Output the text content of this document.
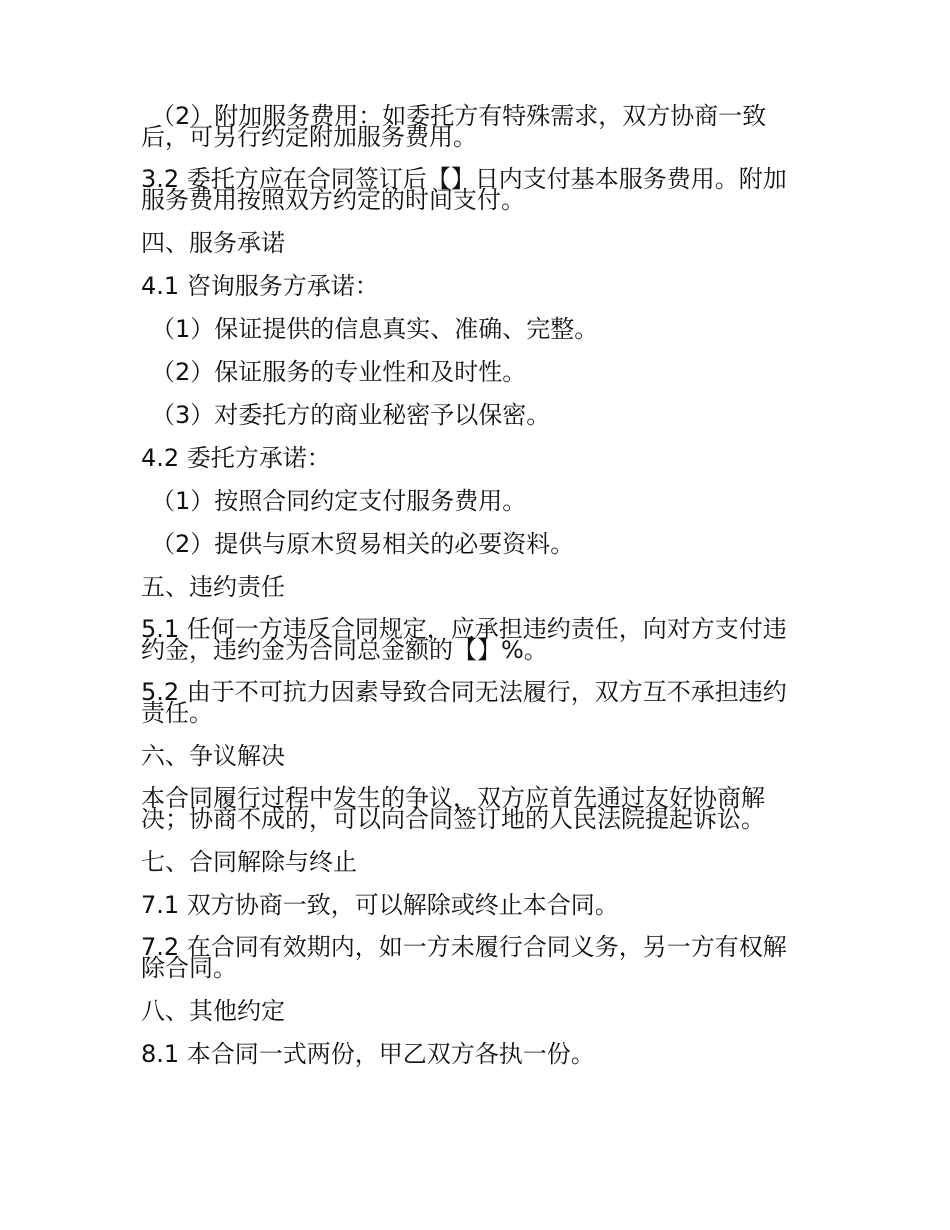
（2）附加服务费用：如委托方有特殊需求，双方协商一致
后，可另行约定附加服务费用。

3.2 委托方应在合同签订后【】日内支付基本服务费用。附加
服务费用按照双方约定的时间支付。

四、服务承诺

4.1 咨询服务方承诺：

（1）保证提供的信息真实、准确、完整。

（2）保证服务的专业性和及时性。

（3）对委托方的商业秘密予以保密。

4.2 委托方承诺：

（1）按照合同约定支付服务费用。

（2）提供与原木贸易相关的必要资料。

五、违约责任

5.1 任何一方违反合同规定，应承担违约责任，向对方支付违
约金，违约金为合同总金额的【】%。

5.2 由于不可抗力因素导致合同无法履行，双方互不承担违约
责任。

六、争议解决

本合同履行过程中发生的争议，双方应首先通过友好协商解
决；协商不成的，可以向合同签订地的人民法院提起诉讼。

七、合同解除与终止

7.1 双方协商一致，可以解除或终止本合同。

7.2 在合同有效期内，如一方未履行合同义务，另一方有权解
除合同。

八、其他约定

8.1 本合同一式两份，甲乙双方各执一份。
